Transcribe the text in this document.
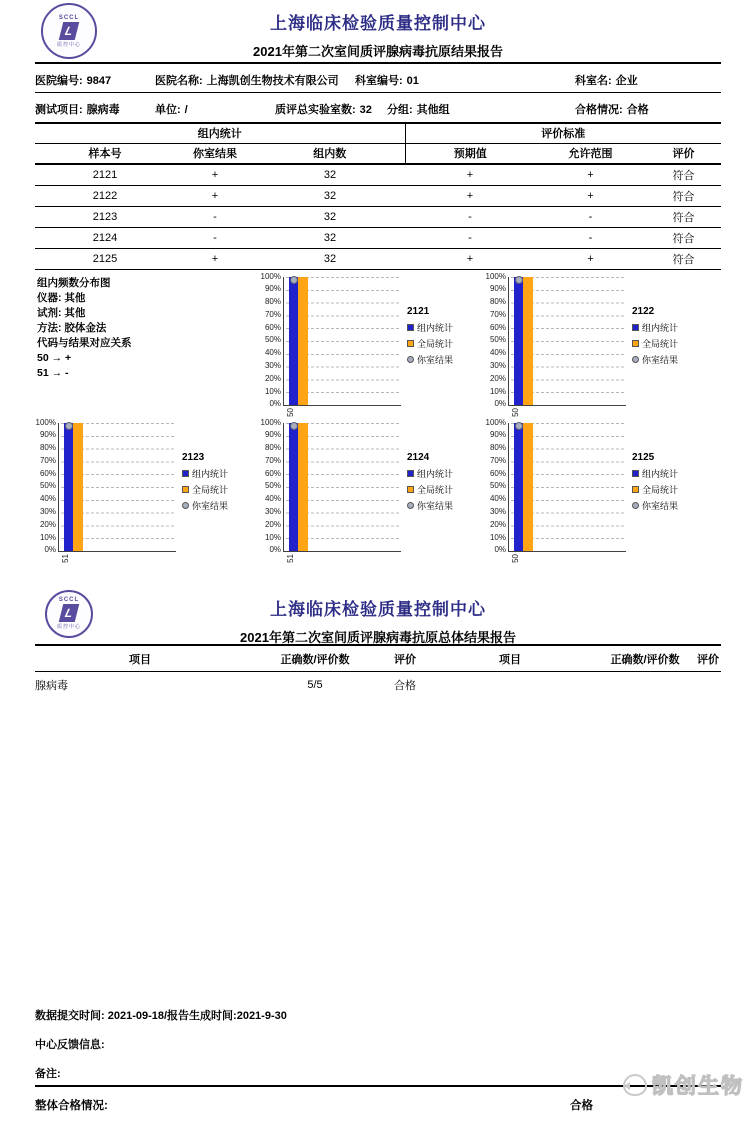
SCCL
L
质控中心
上海临床检验质量控制中心
2021年第二次室间质评腺病毒抗原结果报告
医院编号: 9847	医院名称: 上海凯创生物技术有限公司 科室编号: 01	科室名: 企业
测试项目: 腺病毒	单位: /	质评总实验室数: 32 分组: 其他组	合格情况: 合格
组内统计			评价标准		
样本号	你室结果	组内数	预期值	允许范围	评价
2121	+	32	+	+	符合
2122	+	32	+	+	符合
2123	-	32	-	-	符合
2124	-	32	-	-	符合
2125	+	32	+	+	符合
组内频数分布图
仪器: 其他
试剂: 其他
方法: 胶体金法
代码与结果对应关系
50 → +
51 → -
100%
90%
80%
70%
60%
50%
40%
30%
20%
10%
0%
50
2121
组内统计
全局统计
你室结果
100%
90%
80%
70%
60%
50%
40%
30%
20%
10%
0%
50
2122
组内统计
全局统计
你室结果
100%
90%
80%
70%
60%
50%
40%
30%
20%
10%
0%
51
2123
组内统计
全局统计
你室结果
100%
90%
80%
70%
60%
50%
40%
30%
20%
10%
0%
51
2124
组内统计
全局统计
你室结果
100%
90%
80%
70%
60%
50%
40%
30%
20%
10%
0%
50
2125
组内统计
全局统计
你室结果
SCCL
L
质控中心
上海临床检验质量控制中心
2021年第二次室间质评腺病毒抗原总体结果报告
项目	正确数/评价数	评价	项目	正确数/评价数	评价
腺病毒	5/5	合格			
数据提交时间: 2021-09-18/报告生成时间:2021-9-30
中心反馈信息:
备注:
整体合格情况:	合格
凯创生物
